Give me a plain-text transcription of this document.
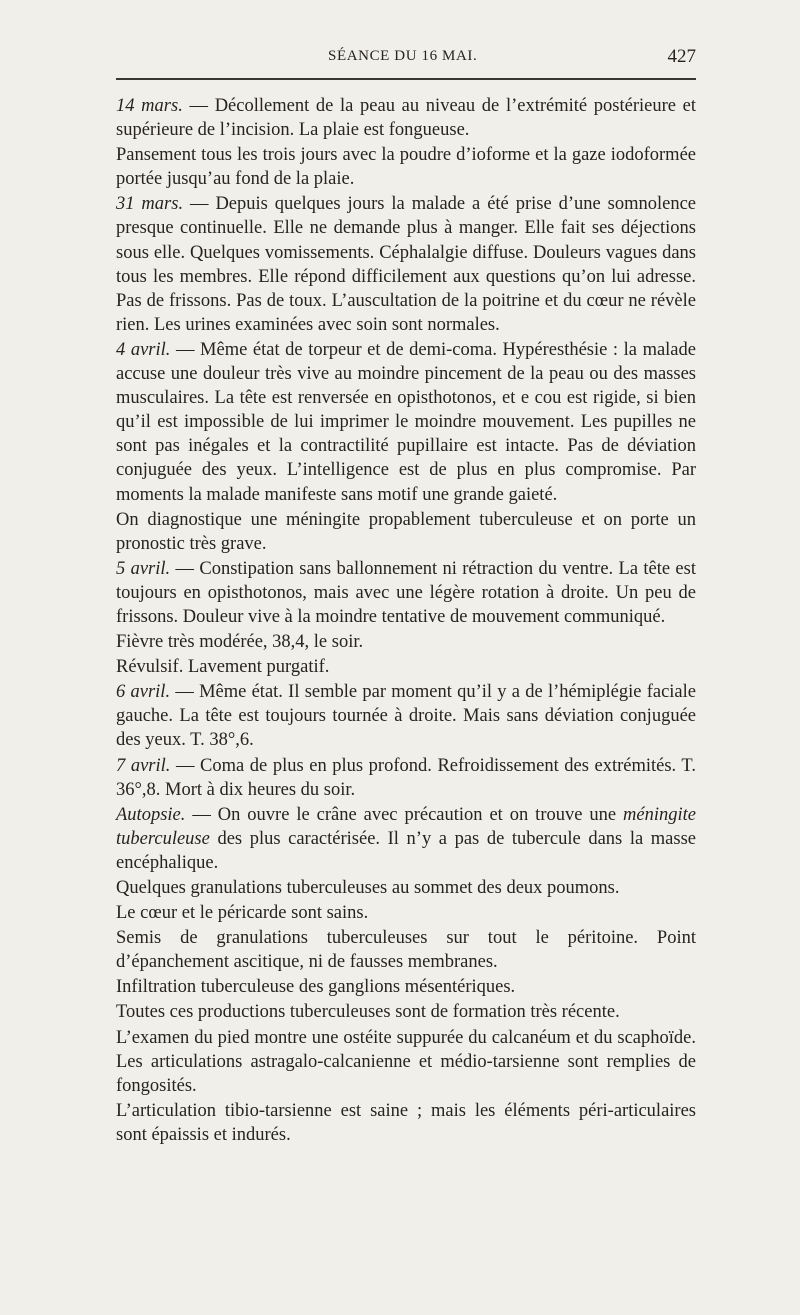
SÉANCE DU 16 MAI.	427

14 mars. — Décollement de la peau au niveau de l’extrémité postérieure et supérieure de l’incision. La plaie est fongueuse.

Pansement tous les trois jours avec la poudre d’ioforme et la gaze iodoformée portée jusqu’au fond de la plaie.

31 mars. — Depuis quelques jours la malade a été prise d’une somnolence presque continuelle. Elle ne demande plus à manger. Elle fait ses déjections sous elle. Quelques vomissements. Céphalalgie diffuse. Douleurs vagues dans tous les membres. Elle répond difficilement aux questions qu’on lui adresse. Pas de frissons. Pas de toux. L’auscultation de la poitrine et du cœur ne révèle rien. Les urines examinées avec soin sont normales.

4 avril. — Même état de torpeur et de demi-coma. Hypéresthésie : la malade accuse une douleur très vive au moindre pincement de la peau ou des masses musculaires. La tête est renversée en opisthotonos, et e cou est rigide, si bien qu’il est impossible de lui imprimer le moindre mouvement. Les pupilles ne sont pas inégales et la contractilité pupillaire est intacte. Pas de déviation conjuguée des yeux. L’intelligence est de plus en plus compromise. Par moments la malade manifeste sans motif une grande gaieté.

On diagnostique une méningite propablement tuberculeuse et on porte un pronostic très grave.

5 avril. — Constipation sans ballonnement ni rétraction du ventre. La tête est toujours en opisthotonos, mais avec une légère rotation à droite. Un peu de frissons. Douleur vive à la moindre tentative de mouvement communiqué.

Fièvre très modérée, 38,4, le soir.

Révulsif. Lavement purgatif.

6 avril. — Même état. Il semble par moment qu’il y a de l’hémiplégie faciale gauche. La tête est toujours tournée à droite. Mais sans déviation conjuguée des yeux. T. 38°,6.

7 avril. — Coma de plus en plus profond. Refroidissement des extrémités. T. 36°,8. Mort à dix heures du soir.

Autopsie. — On ouvre le crâne avec précaution et on trouve une méningite tuberculeuse des plus caractérisée. Il n’y a pas de tubercule dans la masse encéphalique.

Quelques granulations tuberculeuses au sommet des deux poumons.

Le cœur et le péricarde sont sains.

Semis de granulations tuberculeuses sur tout le péritoine. Point d’épanchement ascitique, ni de fausses membranes.

Infiltration tuberculeuse des ganglions mésentériques.

Toutes ces productions tuberculeuses sont de formation très récente.

L’examen du pied montre une ostéite suppurée du calcanéum et du scaphoïde. Les articulations astragalo-calcanienne et médio-tarsienne sont remplies de fongosités.

L’articulation tibio-tarsienne est saine ; mais les éléments péri-articulaires sont épaissis et indurés.
